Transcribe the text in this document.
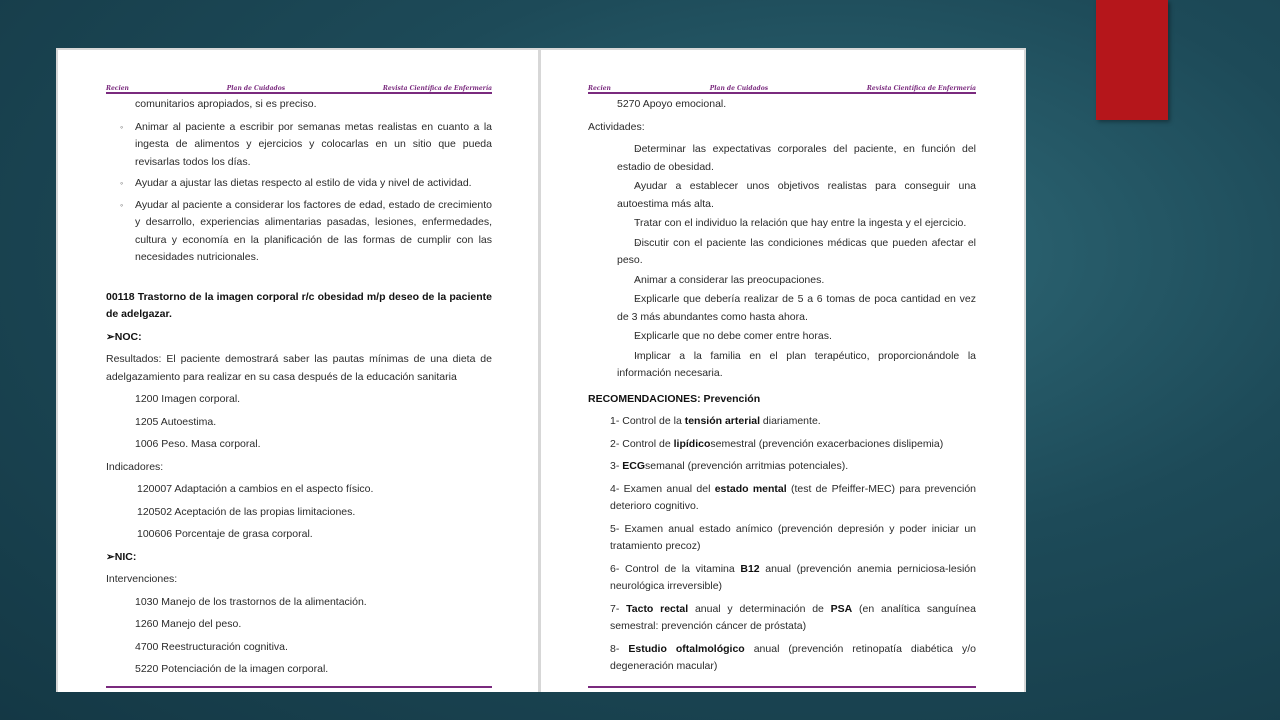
Recien	Plan de Cuidados	Revista Científica de Enfermería

comunitarios apropiados, si es preciso.

◦ Animar al paciente a escribir por semanas metas realistas en cuanto a la ingesta de alimentos y ejercicios y colocarlas en un sitio que pueda revisarlas todos los días.
◦ Ayudar a ajustar las dietas respecto al estilo de vida y nivel de actividad.
◦ Ayudar al paciente a considerar los factores de edad, estado de crecimiento y desarrollo, experiencias alimentarias pasadas, lesiones, enfermedades, cultura y economía en la planificación de las formas de cumplir con las necesidades nutricionales.

00118 Trastorno de la imagen corporal r/c obesidad m/p deseo de la paciente de adelgazar.

➢NOC:

Resultados: El paciente demostrará saber las pautas mínimas de una dieta de adelgazamiento para realizar en su casa después de la educación sanitaria

1200 Imagen corporal.

1205 Autoestima.

1006 Peso. Masa corporal.

Indicadores:

120007 Adaptación a cambios en el aspecto físico.

120502 Aceptación de las propias limitaciones.

100606 Porcentaje de grasa corporal.

➢NIC:

Intervenciones:

1030 Manejo de los trastornos de la alimentación.

1260 Manejo del peso.

4700 Reestructuración cognitiva.

5220 Potenciación de la imagen corporal.

Recien	Plan de Cuidados	Revista Científica de Enfermería

5270 Apoyo emocional.

Actividades:

◦ Determinar las expectativas corporales del paciente, en función del estadio de obesidad.
◦ Ayudar a establecer unos objetivos realistas para conseguir una autoestima más alta.
◦ Tratar con el individuo la relación que hay entre la ingesta y el ejercicio.
◦ Discutir con el paciente las condiciones médicas que pueden afectar el peso.
◦ Animar a considerar las preocupaciones.
◦ Explicarle que debería realizar de 5 a 6 tomas de poca cantidad en vez de 3 más abundantes como hasta ahora.
◦ Explicarle que no debe comer entre horas.
◦ Implicar a la familia en el plan terapéutico, proporcionándole la información necesaria.

RECOMENDACIONES: Prevención

1- Control de la tensión arterial diariamente.
2- Control de lipídicosemestral (prevención exacerbaciones dislipemia)
3- ECGsemanal (prevención arritmias potenciales).
4- Examen anual del estado mental (test de Pfeiffer-MEC) para prevención deterioro cognitivo.
5- Examen anual estado anímico (prevención depresión y poder iniciar un tratamiento precoz)
6- Control de la vitamina B12 anual (prevención anemia perniciosa-lesión neurológica irreversible)
7- Tacto rectal anual y determinación de PSA (en analítica sanguínea semestral: prevención cáncer de próstata)
8- Estudio oftalmológico anual (prevención retinopatía diabética y/o degeneración macular)
